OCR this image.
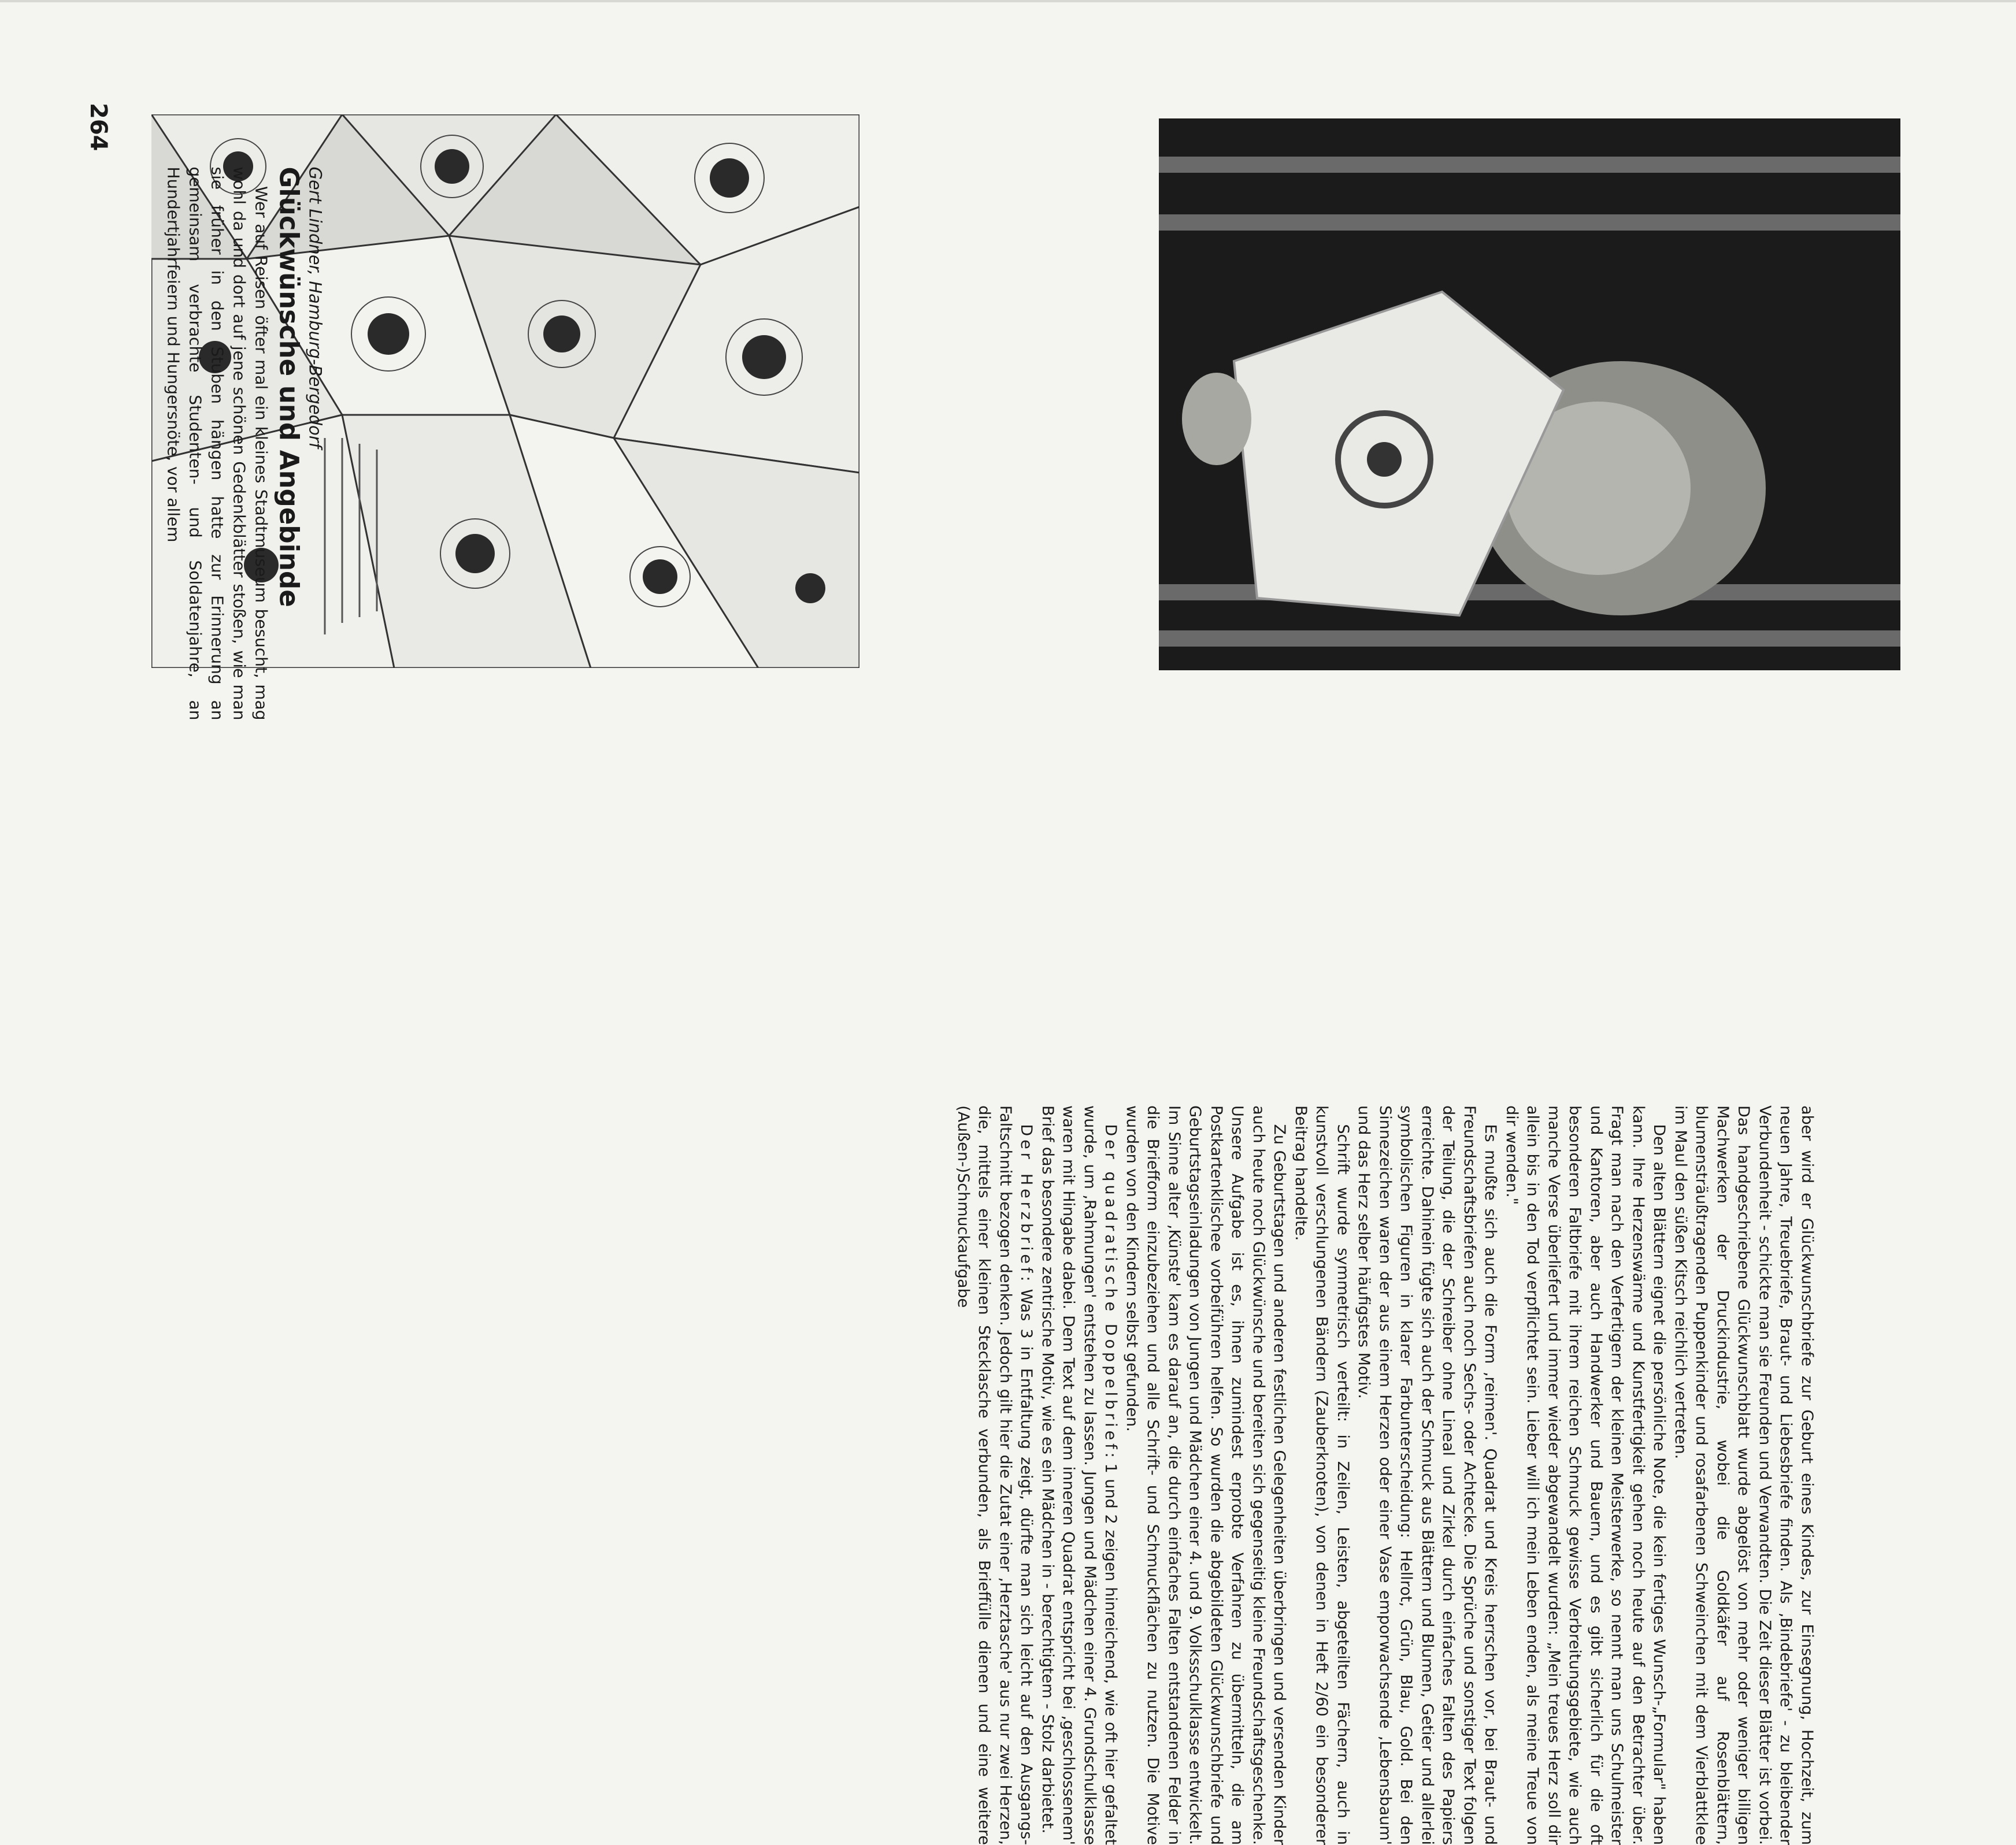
264
Gert Lindner, Hamburg-Bergedorf
Glückwünsche und Angebinde

Wer auf Reisen öfter mal ein kleines Stadtmuseum besucht, mag wohl da und dort auf jene schönen Gedenkblätter stoßen, wie man sie früher in den Stuben hängen hatte zur Erinnerung an gemeinsam verbrachte Studenten- und Soldatenjahre, an Hundertjahrfeiern und Hungersnöte, vor allem

aber wird er Glückwunschbriefe zur Geburt eines Kindes, zur Einsegnung, Hochzeit, zum neuen Jahre, Treuebriefe, Braut- und Liebesbriefe finden. Als ‚Bindebriefe' - zu bleibender Verbundenheit - schickte man sie Freunden und Verwandten. Die Zeit dieser Blätter ist vorbei. Das handgeschriebene Glückwunschblatt wurde abgelöst von mehr oder weniger billigen Machwerken der Druckindustrie, wobei die Goldkäfer auf Rosenblättern, blumensträußtragenden Puppenkinder und rosafarbenen Schweinchen mit dem Vierblattklee im Maul den süßen Kitsch reichlich vertreten.

Den alten Blättern eignet die persönliche Note, die kein fertiges Wunsch-„Formular" haben kann. Ihre Herzenswärme und Kunstfertigkeit gehen noch heute auf den Betrachter über. Fragt man nach den Verfertigern der kleinen Meisterwerke, so nennt man uns Schulmeister und Kantoren, aber auch Handwerker und Bauern, und es gibt sicherlich für die oft besonderen Faltbriefe mit ihrem reichen Schmuck gewisse Verbreitungsgebiete, wie auch manche Verse überliefert und immer wieder abgewandelt wurden: „Mein treues Herz soll dir allein bis in den Tod verpflichtet sein. Lieber will ich mein Leben enden, als meine Treue von dir wenden."

Es mußte sich auch die Form ‚reimen'. Quadrat und Kreis herrschen vor, bei Braut- und Freundschaftsbriefen auch noch Sechs- oder Achtecke. Die Sprüche und sonstiger Text folgen der Teilung, die der Schreiber ohne Lineal und Zirkel durch einfaches Falten des Papiers erreichte. Dahinein fügte sich auch der Schmuck aus Blättern und Blumen, Getier und allerlei symbolischen Figuren in klarer Farbunterscheidung: Hellrot, Grün, Blau, Gold. Bei den Sinnezeichen waren der aus einem Herzen oder einer Vase emporwachsende ‚Lebensbaum' und das Herz selber häufigstes Motiv.

Schrift wurde symmetrisch verteilt: in Zeilen, Leisten, abgeteilten Fächern, auch in kunstvoll verschlungenen Bändern (Zauberknoten), von denen in Heft 2/60 ein besonderer Beitrag handelte.

Zu Geburtstagen und anderen festlichen Gelegenheiten überbringen und versenden Kinder auch heute noch Glückwünsche und bereiten sich gegenseitig kleine Freundschaftsgeschenke. Unsere Aufgabe ist es, ihnen zumindest erprobte Verfahren zu übermitteln, die am Postkartenklischee vorbeiführen helfen. So wurden die abgebildeten Glückwunschbriefe und Geburtstagseinladungen von Jungen und Mädchen einer 4. und 9. Volksschulklasse entwickelt. Im Sinne alter ‚Künste' kam es darauf an, die durch einfaches Falten entstandenen Felder in die Briefform einzubeziehen und alle Schrift- und Schmuckflächen zu nutzen. Die Motive wurden von den Kindern selbst gefunden.

Der quadratische Doppelbrief: 1 und 2 zeigen hinreichend, wie oft hier gefaltet wurde, um ‚Rahmungen' entstehen zu lassen. Jungen und Mädchen einer 4. Grundschulklasse waren mit Hingabe dabei. Dem Text auf dem inneren Quadrat entspricht bei ‚geschlossenem' Brief das besondere zentrische Motiv, wie es ein Mädchen in - berechtigtem - Stolz darbietet.

Der Herzbrief: Was 3 in Entfaltung zeigt, dürfte man sich leicht auf den Ausgangs-Faltschnitt bezogen denken. Jedoch gilt hier die Zutat einer ‚Herztasche' aus nur zwei Herzen, die, mittels einer kleinen Stecklasche verbunden, als Brieffülle dienen und eine weitere (Außen-)Schmuckaufgabe
